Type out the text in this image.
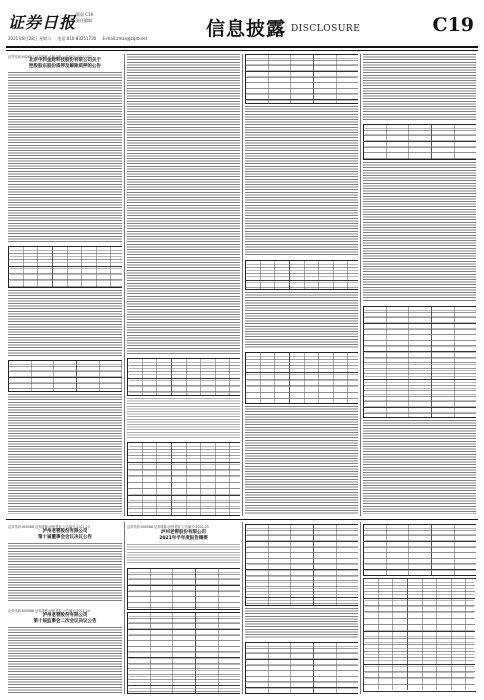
证券日报 版面 C19
责任编辑
2021年8月28日 星期六 电话:010-83251730 E-mail:zmzx@zqrb.net	信息披露 DISCLOSURE	C19
证券代码:002657 证券简称:中科金财 公告编号:2021-072
北京中科金财科技股份有限公司关于
控股股东股份质押及解除质押的公告
证券代码:000568 证券简称:泸州老窖 公告编号:2021-23
泸州老窖股份有限公司
第十届董事会会议决议公告
证券代码:000568 证券简称:泸州老窖 公告编号:2021-24
泸州老窖股份有限公司
第十届监事会二次会议决议公告
证券代码:000568 证券简称:泸州老窖 公告编号:2021-25
泸州老窖股份有限公司
2021年半年度报告摘要
